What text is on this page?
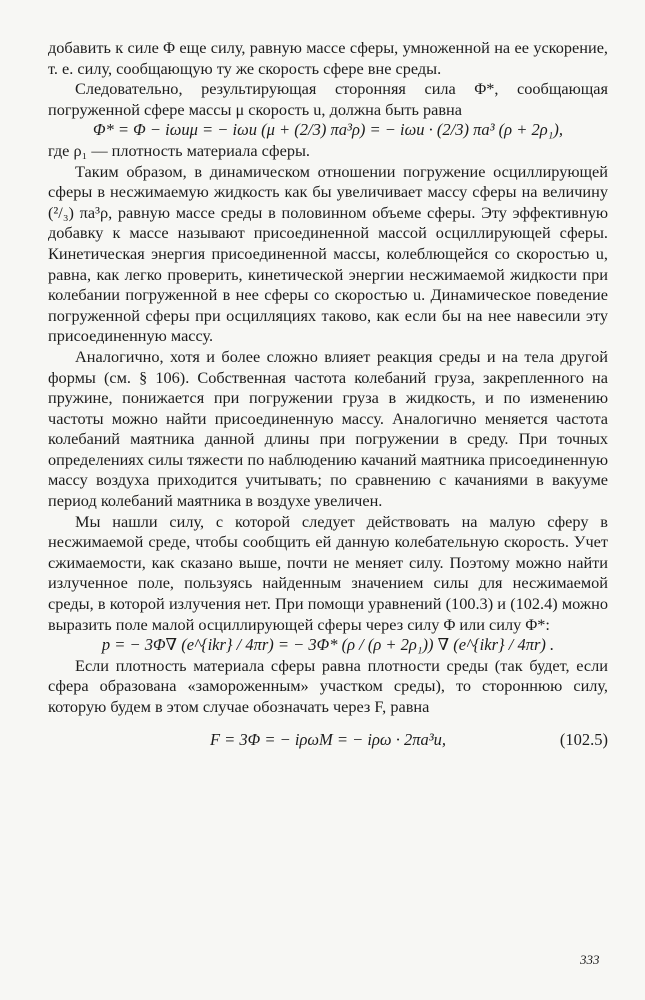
добавить к силе Φ еще силу, равную массе сферы, умноженной на ее ускорение, т. е. силу, сообщающую ту же скорость сфере вне среды.

Следовательно, результирующая сторонняя сила Φ*, сообщающая погруженной сфере массы μ скорость u, должна быть равна

Φ* = Φ − iωuμ = − iωu (μ + (2/3) πa³ρ) = − iωu · (2/3) πa³ (ρ + 2ρ₁),

где ρ₁ — плотность материала сферы.

Таким образом, в динамическом отношении погружение осциллирующей сферы в несжимаемую жидкость как бы увеличивает массу сферы на величину (²/₃) πa³ρ, равную массе среды в половинном объеме сферы. Эту эффективную добавку к массе называют присоединенной массой осциллирующей сферы. Кинетическая энергия присоединенной массы, колеблющейся со скоростью u, равна, как легко проверить, кинетической энергии несжимаемой жидкости при колебании погруженной в нее сферы со скоростью u. Динамическое поведение погруженной сферы при осцилляциях таково, как если бы на нее навесили эту присоединенную массу.

Аналогично, хотя и более сложно влияет реакция среды и на тела другой формы (см. § 106). Собственная частота колебаний груза, закрепленного на пружине, понижается при погружении груза в жидкость, и по изменению частоты можно найти присоединенную массу. Аналогично меняется частота колебаний маятника данной длины при погружении в среду. При точных определениях силы тяжести по наблюдению качаний маятника присоединенную массу воздуха приходится учитывать; по сравнению с качаниями в вакууме период колебаний маятника в воздухе увеличен.

Мы нашли силу, с которой следует действовать на малую сферу в несжимаемой среде, чтобы сообщить ей данную колебательную скорость. Учет сжимаемости, как сказано выше, почти не меняет силу. Поэтому можно найти излученное поле, пользуясь найденным значением силы для несжимаемой среды, в которой излучения нет. При помощи уравнений (100.3) и (102.4) можно выразить поле малой осциллирующей сферы через силу Φ или силу Φ*:

p = − 3Φ∇ (e^{ikr} / 4πr) = − 3Φ* (ρ / (ρ + 2ρ₁)) ∇ (e^{ikr} / 4πr) .

Если плотность материала сферы равна плотности среды (так будет, если сфера образована «замороженным» участком среды), то стороннюю силу, которую будем в этом случае обозначать через F, равна

F = 3Φ = − iρωM = − iρω · 2πa³u,	(102.5)
333
